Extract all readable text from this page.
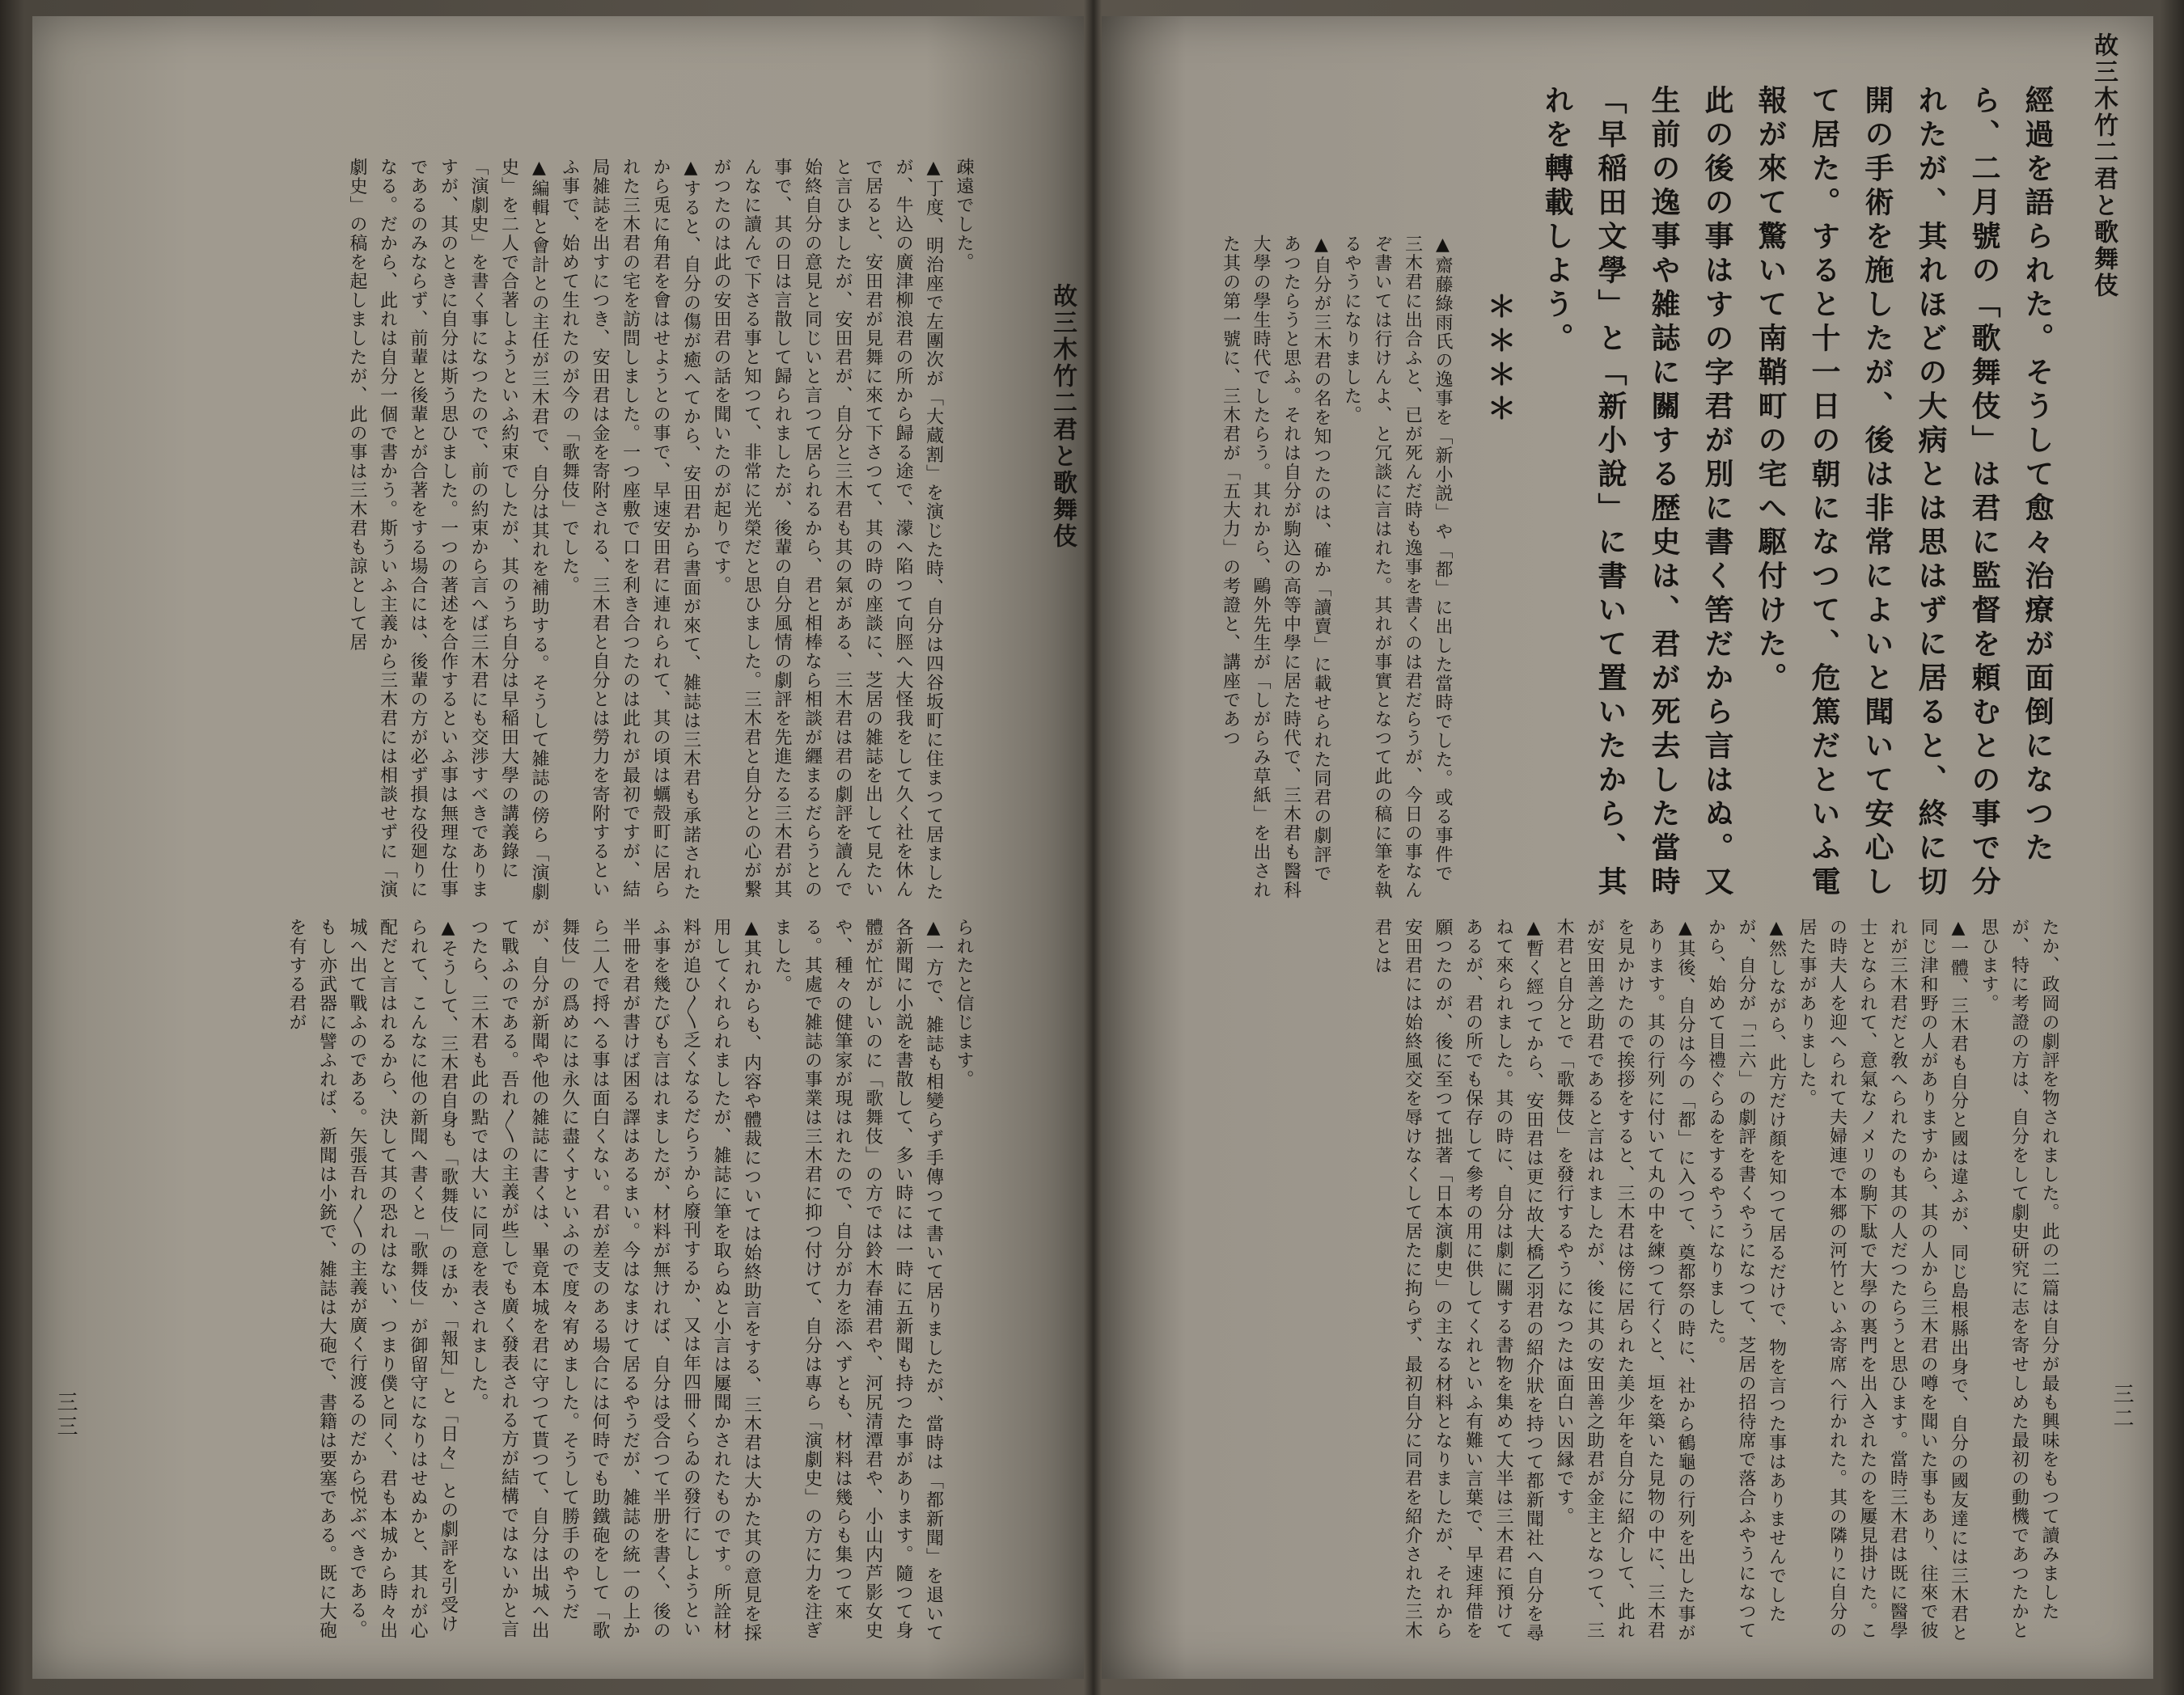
故三木竹二君と歌舞伎
疎遠でした。
▲丁度、明治座で左團次が「大蔵割」を演じた時、自分は四谷坂町に住まつて居ましたが、牛込の廣津柳浪君の所から歸る途で、濛へ陷つて向脛へ大怪我をして久く社を休んで居ると、安田君が見舞に來て下さつて、其の時の座談に、芝居の雑誌を出して見たいと言ひましたが、安田君が、自分と三木君も其の氣がある、三木君は君の劇評を讀んで始終自分の意見と同じいと言つて居られるから、君と相棒なら相談が纒まるだらうとの事で、其の日は言散して歸られましたが、後輩の自分風情の劇評を先進たる三木君が其んなに讀んで下さる事と知つて、非常に光榮だと思ひました。三木君と自分との心が繋がつたのは此の安田君の話を聞いたのが起りです。
▲すると、自分の傷が癒へてから、安田君から書面が來て、雑誌は三木君も承諾されたから兎に角君を會はせようとの事で、早速安田君に連れられて、其の頃は蠣殻町に居られた三木君の宅を訪問しました。一つ座敷で口を利き合つたのは此れが最初ですが、結局雑誌を出すにつき、安田君は金を寄附される、三木君と自分とは勞力を寄附するといふ事で、始めて生れたのが今の「歌舞伎」でした。
▲編輯と會計との主任が三木君で、自分は其れを補助する。そうして雑誌の傍ら「演劇史」を二人で合著しようといふ約束でしたが、其のうち自分は早稲田大學の講義錄に「演劇史」を書く事になつたので、前の約束から言へば三木君にも交渉すべきでありますが、其のときに自分は斯う思ひました。一つの著述を合作するといふ事は無理な仕事であるのみならず、前輩と後輩とが合著をする場合には、後輩の方が必ず損な役廻りになる。だから、此れは自分一個で書かう。斯ういふ主義から三木君には相談せずに「演劇史」の稿を起しましたが、此の事は三木君も諒として居
られたと信じます。
▲一方で、雑誌も相變らず手傳つて書いて居りましたが、當時は「都新聞」を退いて各新聞に小説を書散して、多い時には一時に五新聞も持つた事があります。隨つて身體が忙がしいのに「歌舞伎」の方では鈴木春浦君や、河尻清潭君や、小山内芦影女史や、種々の健筆家が現はれたので、自分が力を添へずとも、材料は幾らも集つて來る。其處で雑誌の事業は三木君に抑つ付けて、自分は專ら「演劇史」の方に力を注ぎました。
▲其れからも、内容や體裁については始終助言をする、三木君は大かた其の意見を採用してくれられましたが、雑誌に筆を取らぬと小言は屢聞かされたものです。所詮材料が追ひ〱乏くなるだらうから廢刊するか、又は年四冊くらゐの發行にしようといふ事を幾たびも言はれましたが、材料が無ければ、自分は受合つて半册を書く、後の半冊を君が書けば困る譯はあるまい。今はなまけて居るやうだが、雑誌の統一の上から二人で捋へる事は面白くない。君が差支のある場合には何時でも助鐵砲をして「歌舞伎」の爲めには永久に盡くすといふので度々宥めました。そうして勝手のやうだが、自分が新聞や他の雑誌に書くは、畢竟本城を君に守つて貰つて、自分は出城へ出て戰ふのである。吾れ〱の主義が些しでも廣く發表される方が結構ではないかと言つたら、三木君も此の點では大いに同意を表されました。
▲そうして、三木君自身も「歌舞伎」のほか、「報知」と「日々」との劇評を引受けられて、こんなに他の新聞へ書くと「歌舞伎」が御留守になりはせぬかと、其れが心配だと言はれるから、決して其の恐れはない、つまり僕と同く、君も本城から時々出城へ出て戰ふのである。矢張吾れ〱の主義が廣く行渡るのだから悦ぶべきである。もし亦武器に譬ふれば、新聞は小銃で、雑誌は大砲で、書籍は要塞である。既に大砲を有する君が
三三
故三木竹二君と歌舞伎
經過を語られた。そうして愈々治療が面倒になつたら、二月號の「歌舞伎」は君に監督を頼むとの事で分れたが、其れほどの大病とは思はずに居ると、終に切開の手術を施したが、後は非常によいと聞いて安心して居た。すると十一日の朝になつて、危篤だといふ電報が來て驚いて南鞘町の宅へ駆付けた。
此の後の事はすの字君が別に書く筈だから言はぬ。又生前の逸事や雑誌に關する歴史は、君が死去した當時「早稲田文學」と「新小說」に書いて置いたから、其れを轉載しよう。
＊＊＊＊
▲齋藤綠雨氏の逸事を「新小説」や「都」に出した當時でした。或る事件で三木君に出合ふと、已が死んだ時も逸事を書くのは君だらうが、今日の事なんぞ書いては行けんよ、と冗談に言はれた。其れが事實となつて此の稿に筆を執るやうになりました。
▲自分が三木君の名を知つたのは、確か「讀賣」に載せられた同君の劇評であつたらうと思ふ。それは自分が駒込の高等中學に居た時代で、三木君も醫科大學の學生時代でしたらう。其れから、鷗外先生が「しがらみ草紙」を出された其の第一號に、三木君が「五大力」の考證と、講座であつ
たか、政岡の劇評を物されました。此の二篇は自分が最も興味をもつて讀みましたが、特に考證の方は、自分をして劇史研究に志を寄せしめた最初の動機であつたかと思ひます。
▲一體、三木君も自分と國は違ふが、同じ島根縣出身で、自分の國友達には三木君と同じ津和野の人がありますから、其の人から三木君の噂を聞いた事もあり、往來で彼れが三木君だと敎へられたのも其の人だつたらうと思ひます。當時三木君は既に醫學士となられて、意氣なノメリの駒下駄で大學の裏門を出入されたのを屢見掛けた。この時夫人を迎へられて夫婦連で本郷の河竹といふ寄席へ行かれた。其の隣りに自分の居た事がありました。
▲然しながら、此方だけ顏を知つて居るだけで、物を言つた事はありませんでしたが、自分が「二六」の劇評を書くやうになつて、芝居の招待席で落合ふやうになつてから、始めて目禮ぐらゐをするやうになりました。
▲其後、自分は今の「都」に入つて、奠都祭の時に、社から鶴龜の行列を出した事があります。其の行列に付いて丸の中を練つて行くと、垣を築いた見物の中に、三木君を見かけたので挨拶をすると、三木君は傍に居られた美少年を自分に紹介して、此れが安田善之助君であると言はれましたが、後に其の安田善之助君が金主となつて、三木君と自分とで「歌舞伎」を發行するやうになつたは面白い因縁です。
▲暫く經つてから、安田君は更に故大橋乙羽君の紹介狀を持つて都新聞社へ自分を尋ねて來られました。其の時に、自分は劇に關する書物を集めて大半は三木君に預けてあるが、君の所でも保存して參考の用に供してくれといふ有難い言葉で、早速拜借を願つたのが、後に至つて拙著「日本演劇史」の主なる材料となりましたが、それから安田君には始終風交を辱けなくして居たに拘らず、最初自分に同君を紹介された三木君とは
三二
